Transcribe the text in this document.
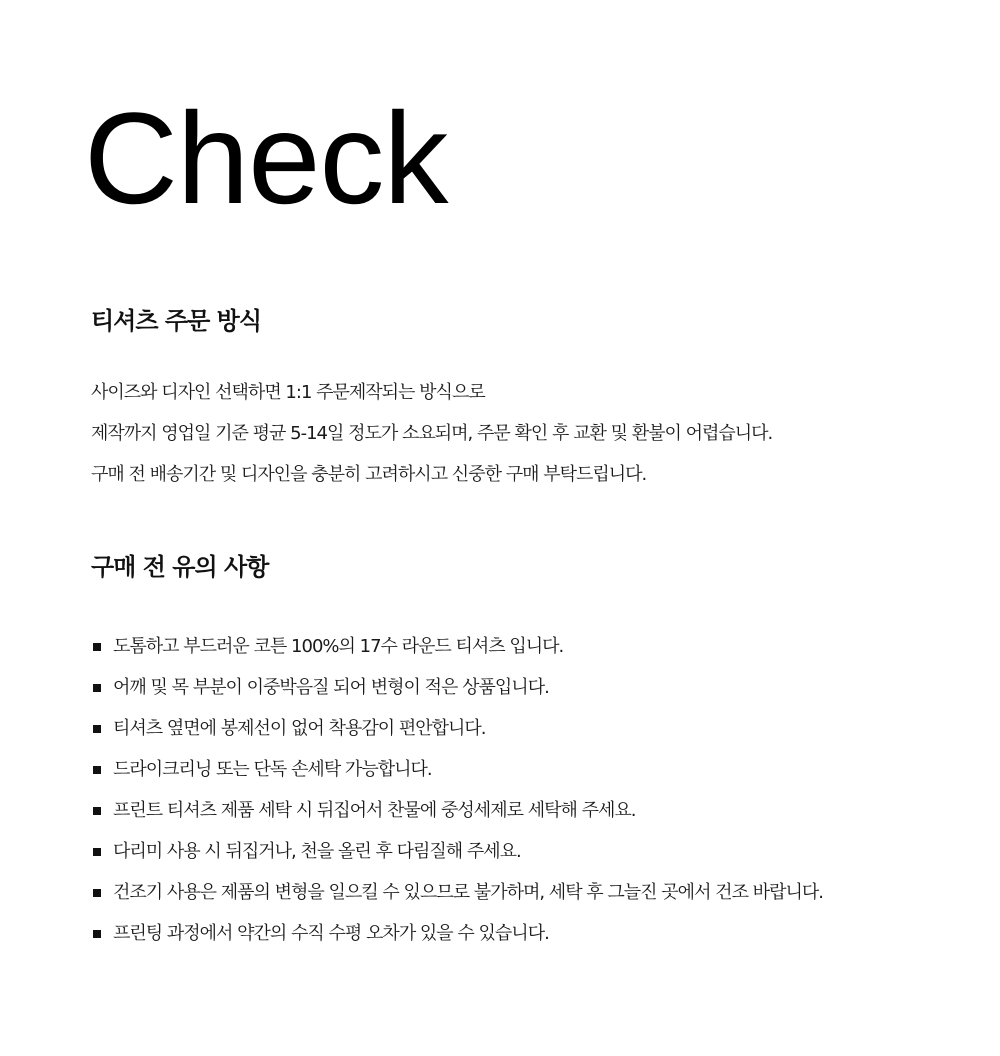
Check
티셔츠 주문 방식

사이즈와 디자인 선택하면 1:1 주문제작되는 방식으로

제작까지 영업일 기준 평균 5-14일 정도가 소요되며, 주문 확인 후 교환 및 환불이 어렵습니다.

구매 전 배송기간 및 디자인을 충분히 고려하시고 신중한 구매 부탁드립니다.

구매 전 유의 사항
도톰하고 부드러운 코튼 100%의 17수 라운드 티셔츠 입니다.
어깨 및 목 부분이 이중박음질 되어 변형이 적은 상품입니다.
티셔츠 옆면에 봉제선이 없어 착용감이 편안합니다.
드라이크리닝 또는 단독 손세탁 가능합니다.
프린트 티셔츠 제품 세탁 시 뒤집어서 찬물에 중성세제로 세탁해 주세요.
다리미 사용 시 뒤집거나, 천을 올린 후 다림질해 주세요.
건조기 사용은 제품의 변형을 일으킬 수 있으므로 불가하며, 세탁 후 그늘진 곳에서 건조 바랍니다.
프린팅 과정에서 약간의 수직 수평 오차가 있을 수 있습니다.
